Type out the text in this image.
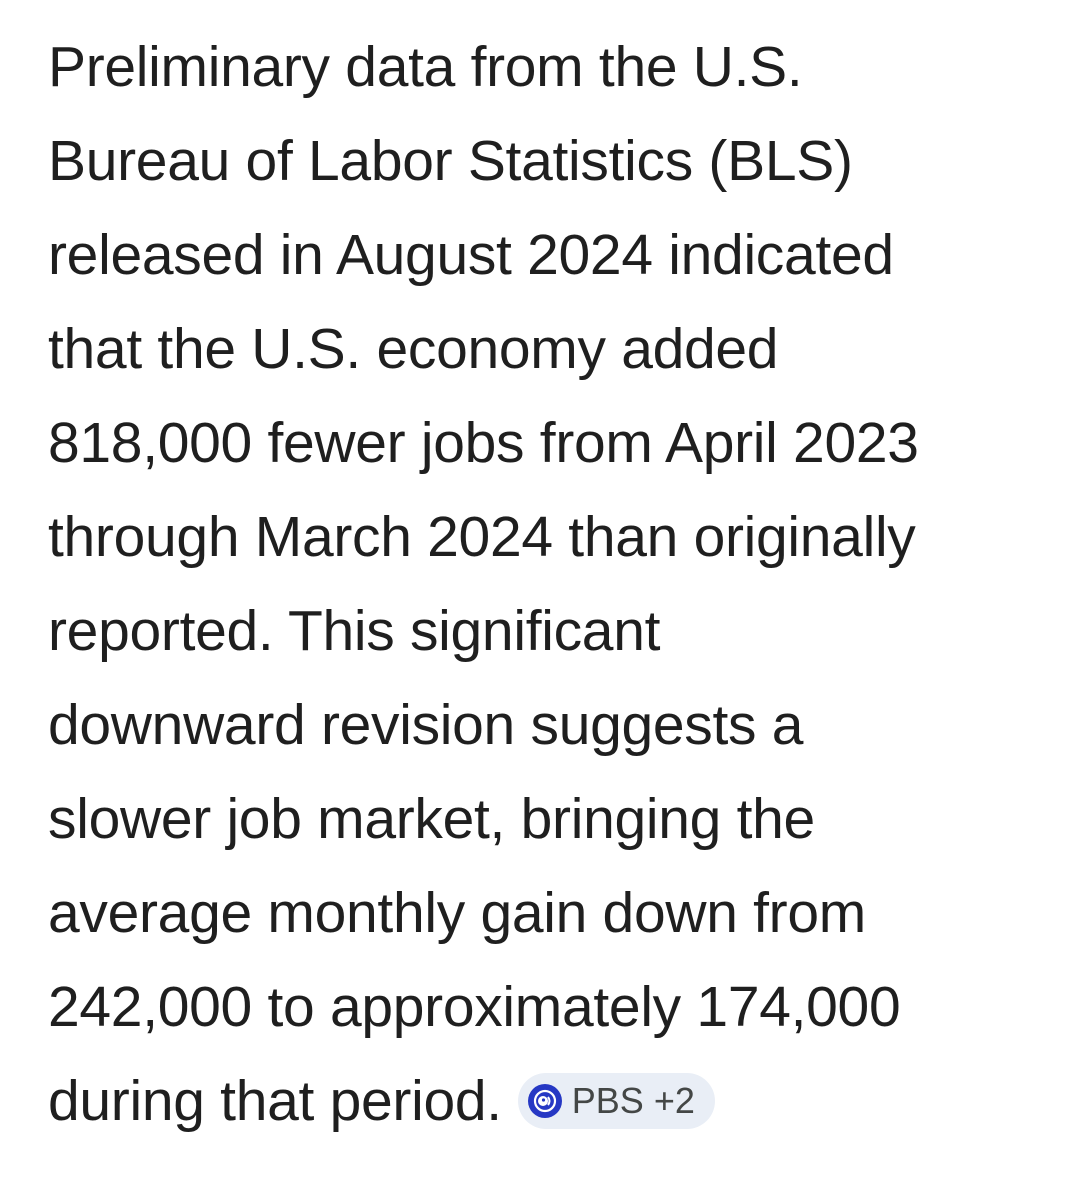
Preliminary data from the U.S.
Bureau of Labor Statistics (BLS)
released in August 2024 indicated
that the U.S. economy added
818,000 fewer jobs from April 2023
through March 2024 than originally
reported. This significant
downward revision suggests a
slower job market, bringing the
average monthly gain down from
242,000 to approximately 174,000
during that period. PBS +2
